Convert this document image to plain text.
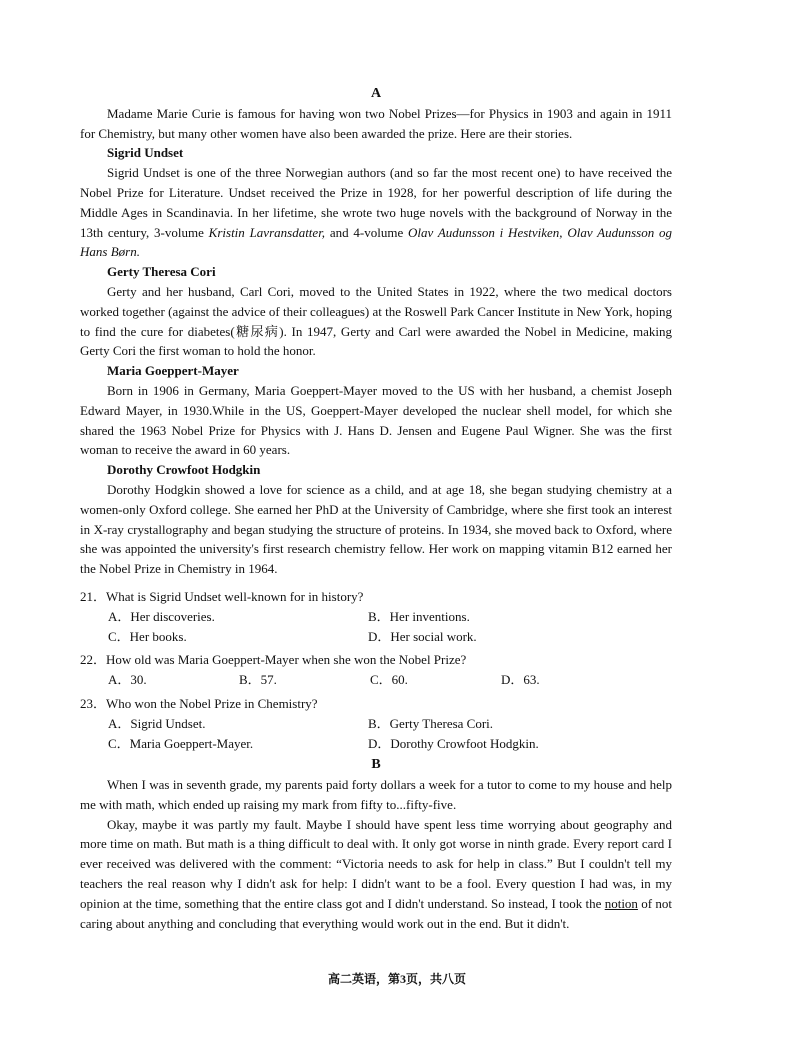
A

Madame Marie Curie is famous for having won two Nobel Prizes—for Physics in 1903 and again in 1911 for Chemistry, but many other women have also been awarded the prize. Here are their stories.

Sigrid Undset

Sigrid Undset is one of the three Norwegian authors (and so far the most recent one) to have received the Nobel Prize for Literature. Undset received the Prize in 1928, for her powerful description of life during the Middle Ages in Scandinavia. In her lifetime, she wrote two huge novels with the background of Norway in the 13th century, 3-volume Kristin Lavransdatter, and 4-volume Olav Audunsson i Hestviken, Olav Audunsson og Hans Børn.

Gerty Theresa Cori

Gerty and her husband, Carl Cori, moved to the United States in 1922, where the two medical doctors worked together (against the advice of their colleagues) at the Roswell Park Cancer Institute in New York, hoping to find the cure for diabetes(糖尿病). In 1947, Gerty and Carl were awarded the Nobel in Medicine, making Gerty Cori the first woman to hold the honor.

Maria Goeppert-Mayer

Born in 1906 in Germany, Maria Goeppert-Mayer moved to the US with her husband, a chemist Joseph Edward Mayer, in 1930.While in the US, Goeppert-Mayer developed the nuclear shell model, for which she shared the 1963 Nobel Prize for Physics with J. Hans D. Jensen and Eugene Paul Wigner. She was the first woman to receive the award in 60 years.

Dorothy Crowfoot Hodgkin

Dorothy Hodgkin showed a love for science as a child, and at age 18, she began studying chemistry at a women-only Oxford college. She earned her PhD at the University of Cambridge, where she first took an interest in X-ray crystallography and began studying the structure of proteins. In 1934, she moved back to Oxford, where she was appointed the university's first research chemistry fellow. Her work on mapping vitamin B12 earned her the Nobel Prize in Chemistry in 1964.

21．What is Sigrid Undset well-known for in history?
A．Her discoveries.	B．Her inventions.
C．Her books.	D．Her social work.
22．How old was Maria Goeppert-Mayer when she won the Nobel Prize?
A．30.	B．57.	C．60.	D．63.
23．Who won the Nobel Prize in Chemistry?
A．Sigrid Undset.	B．Gerty Theresa Cori.
C．Maria Goeppert-Mayer.	D．Dorothy Crowfoot Hodgkin.
B

When I was in seventh grade, my parents paid forty dollars a week for a tutor to come to my house and help me with math, which ended up raising my mark from fifty to...fifty-five.

Okay, maybe it was partly my fault. Maybe I should have spent less time worrying about geography and more time on math. But math is a thing difficult to deal with. It only got worse in ninth grade. Every report card I ever received was delivered with the comment: “Victoria needs to ask for help in class.” But I couldn't tell my teachers the real reason why I didn't ask for help: I didn't want to be a fool. Every question I had was, in my opinion at the time, something that the entire class got and I didn't understand. So instead, I took the notion of not caring about anything and concluding that everything would work out in the end. But it didn't.

高二英语，第3页，共八页
